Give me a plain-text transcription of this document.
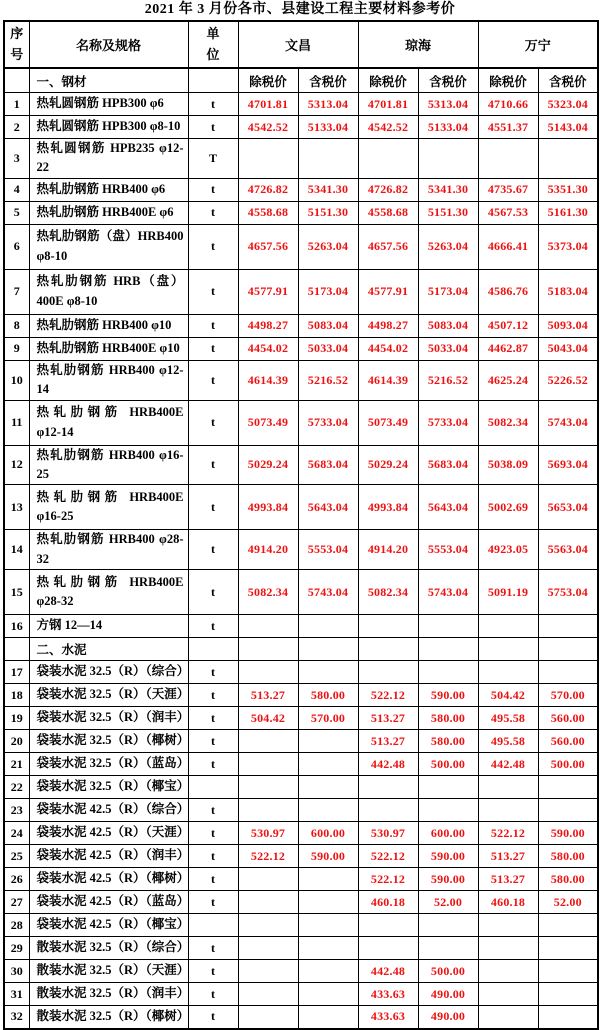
2021 年 3 月份各市、县建设工程主要材料参考价
序号	名称及规格	单位	文昌		琼海		万宁	
	一、钢材		除税价	含税价	除税价	含税价	除税价	含税价
1	热轧圆钢筋 HPB300 φ6	t	4701.81	5313.04	4701.81	5313.04	4710.66	5323.04
2	热轧圆钢筋 HPB300 φ8-10	t	4542.52	5133.04	4542.52	5133.04	4551.37	5143.04
3	热轧圆钢筋 HPB235 φ12-22	T						
4	热轧肋钢筋 HRB400 φ6	t	4726.82	5341.30	4726.82	5341.30	4735.67	5351.30
5	热轧肋钢筋 HRB400E φ6	t	4558.68	5151.30	4558.68	5151.30	4567.53	5161.30
6	热轧肋钢筋（盘）HRB400 φ8-10	t	4657.56	5263.04	4657.56	5263.04	4666.41	5373.04
7	热轧肋钢筋 HRB（盘）400E φ8-10	t	4577.91	5173.04	4577.91	5173.04	4586.76	5183.04
8	热轧肋钢筋 HRB400 φ10	t	4498.27	5083.04	4498.27	5083.04	4507.12	5093.04
9	热轧肋钢筋 HRB400E φ10	t	4454.02	5033.04	4454.02	5033.04	4462.87	5043.04
10	热轧肋钢筋 HRB400 φ12-14	t	4614.39	5216.52	4614.39	5216.52	4625.24	5226.52
11	热轧肋钢筋 HRB400E φ12-14	t	5073.49	5733.04	5073.49	5733.04	5082.34	5743.04
12	热轧肋钢筋 HRB400 φ16-25	t	5029.24	5683.04	5029.24	5683.04	5038.09	5693.04
13	热轧肋钢筋 HRB400E φ16-25	t	4993.84	5643.04	4993.84	5643.04	5002.69	5653.04
14	热轧肋钢筋 HRB400 φ28-32	t	4914.20	5553.04	4914.20	5553.04	4923.05	5563.04
15	热轧肋钢筋 HRB400E φ28-32	t	5082.34	5743.04	5082.34	5743.04	5091.19	5753.04
16	方钢 12—14	t						
	二、水泥							
17	袋装水泥 32.5（R）（综合）	t						
18	袋装水泥 32.5（R）（天涯）	t	513.27	580.00	522.12	590.00	504.42	570.00
19	袋装水泥 32.5（R）（润丰）	t	504.42	570.00	513.27	580.00	495.58	560.00
20	袋装水泥 32.5（R）（椰树）	t			513.27	580.00	495.58	560.00
21	袋装水泥 32.5（R）（蓝岛）	t			442.48	500.00	442.48	500.00
22	袋装水泥 32.5（R）（椰宝）							
23	袋装水泥 42.5（R）（综合）	t						
24	袋装水泥 42.5（R）（天涯）	t	530.97	600.00	530.97	600.00	522.12	590.00
25	袋装水泥 42.5（R）（润丰）	t	522.12	590.00	522.12	590.00	513.27	580.00
26	袋装水泥 42.5（R）（椰树）	t			522.12	590.00	513.27	580.00
27	袋装水泥 42.5（R）（蓝岛）	t			460.18	52.00	460.18	52.00
28	袋装水泥 42.5（R）（椰宝）							
29	散装水泥 32.5（R）（综合）	t						
30	散装水泥 32.5（R）（天涯）	t			442.48	500.00		
31	散装水泥 32.5（R）（润丰）	t			433.63	490.00		
32	散装水泥 32.5（R）（椰树）	t			433.63	490.00		
